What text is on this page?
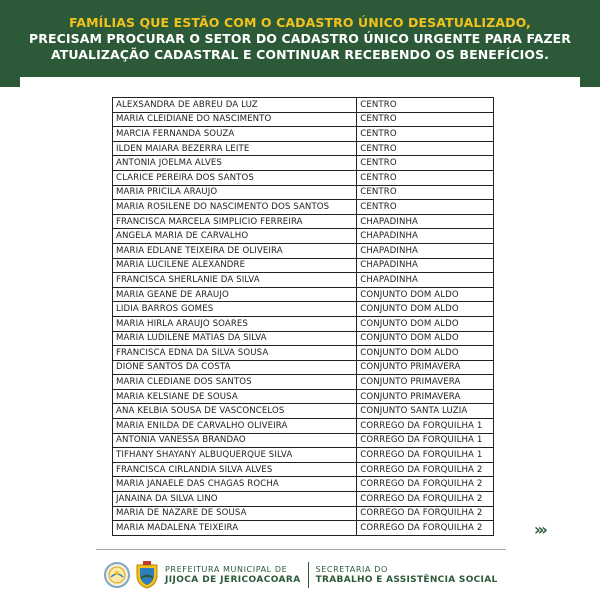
FAMÍLIAS QUE ESTÃO COM O CADASTRO ÚNICO DESATUALIZADO,
PRECISAM PROCURAR O SETOR DO CADASTRO ÚNICO URGENTE PARA FAZER
ATUALIZAÇÃO CADASTRAL E CONTINUAR RECEBENDO OS BENEFÍCIOS.
ALEXSANDRA DE ABREU DA LUZ	CENTRO
MARIA CLEIDIANE DO NASCIMENTO	CENTRO
MARCIA FERNANDA SOUZA	CENTRO
ILDEN MAIARA BEZERRA LEITE	CENTRO
ANTONIA JOELMA ALVES	CENTRO
CLARICE PEREIRA DOS SANTOS	CENTRO
MARIA PRICILA ARAUJO	CENTRO
MARIA ROSILENE DO NASCIMENTO DOS SANTOS	CENTRO
FRANCISCA MARCELA SIMPLICIO FERREIRA	CHAPADINHA
ANGELA MARIA DE CARVALHO	CHAPADINHA
MARIA EDLANE TEIXEIRA DE OLIVEIRA	CHAPADINHA
MARIA LUCILENE ALEXANDRE	CHAPADINHA
FRANCISCA SHERLANIE DA SILVA	CHAPADINHA
MARIA GEANE DE ARAUJO	CONJUNTO DOM ALDO
LIDIA BARROS GOMES	CONJUNTO DOM ALDO
MARIA HIRLA ARAUJO SOARES	CONJUNTO DOM ALDO
MARIA LUDILENE MATIAS DA SILVA	CONJUNTO DOM ALDO
FRANCISCA EDNA DA SILVA SOUSA	CONJUNTO DOM ALDO
DIONE SANTOS DA COSTA	CONJUNTO PRIMAVERA
MARIA CLEDIANE DOS SANTOS	CONJUNTO PRIMAVERA
MARIA KELSIANE DE SOUSA	CONJUNTO PRIMAVERA
ANA KELBIA SOUSA DE VASCONCELOS	CONJUNTO SANTA LUZIA
MARIA ENILDA DE CARVALHO OLIVEIRA	CORREGO DA FORQUILHA 1
ANTONIA VANESSA BRANDAO	CORREGO DA FORQUILHA 1
TIFHANY SHAYANY ALBUQUERQUE SILVA	CORREGO DA FORQUILHA 1
FRANCISCA CIRLANDIA SILVA ALVES	CORREGO DA FORQUILHA 2
MARIA JANAELE DAS CHAGAS ROCHA	CORREGO DA FORQUILHA 2
JANAINA DA SILVA LINO	CORREGO DA FORQUILHA 2
MARIA DE NAZARE DE SOUSA	CORREGO DA FORQUILHA 2
MARIA MADALENA TEIXEIRA	CORREGO DA FORQUILHA 2	›››
PREFEITURA MUNICIPAL DE
JIJOCA DE JERICOACOARA
SECRETARIA DO
TRABALHO E ASSISTÊNCIA SOCIAL
